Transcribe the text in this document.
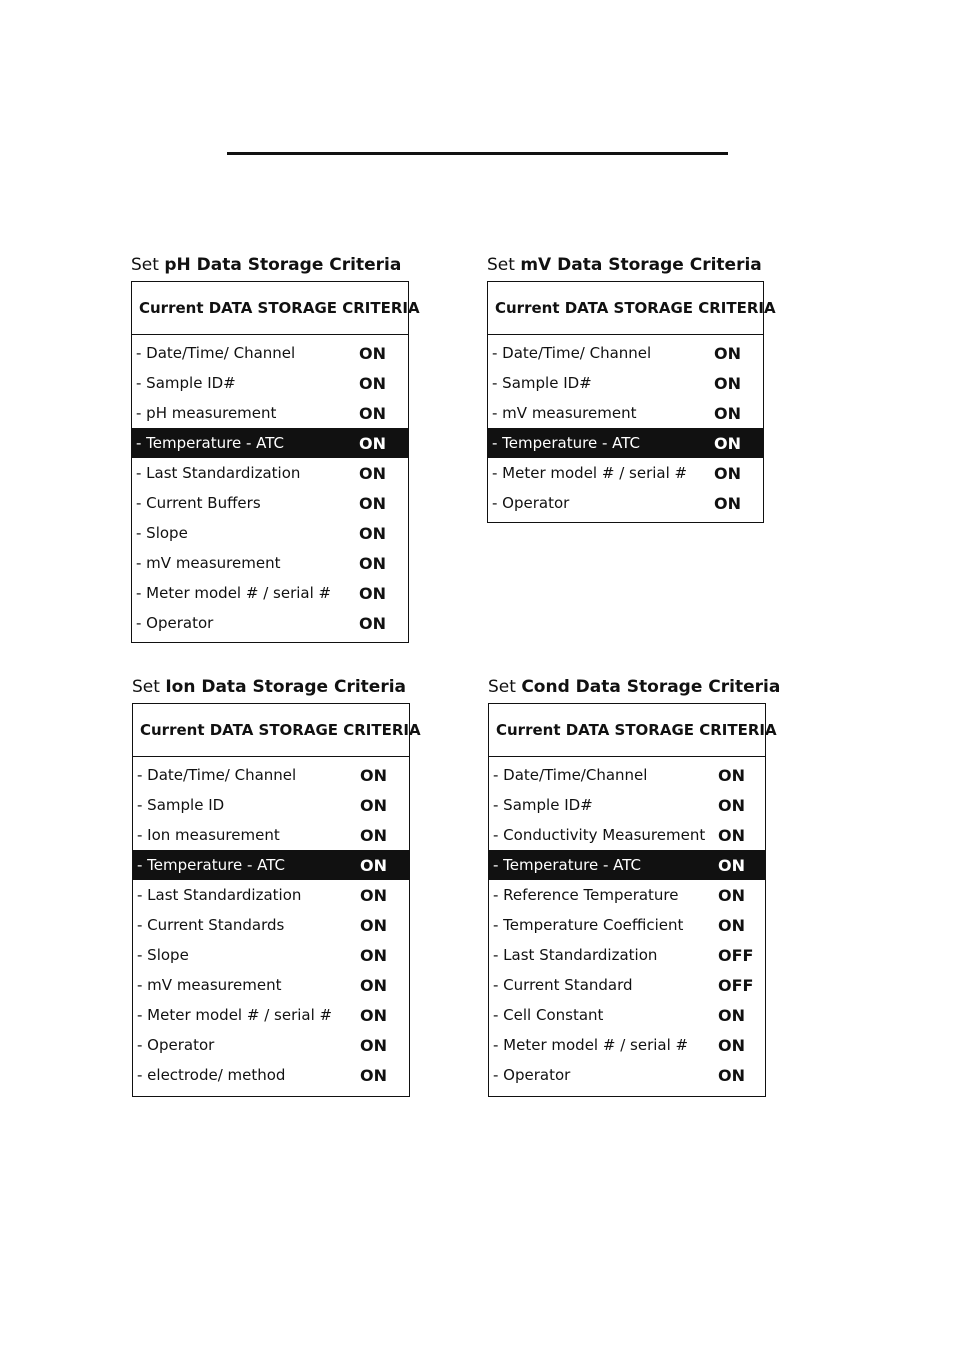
Set pH Data Storage Criteria
Current DATA STORAGE CRITERIA
- Date/Time/ Channel	ON
- Sample ID#	ON
- pH measurement	ON
- Temperature - ATC	ON
- Last Standardization	ON
- Current Buffers	ON
- Slope	ON
- mV measurement	ON
- Meter model # / serial # ON
- Operator	ON
Set mV Data Storage Criteria
Current DATA STORAGE CRITERIA
- Date/Time/ Channel	ON
- Sample ID#	ON
- mV measurement	ON
- Temperature - ATC	ON
- Meter model # / serial # ON
- Operator	ON
Set Ion Data Storage Criteria
Current DATA STORAGE CRITERIA
- Date/Time/ Channel	ON
- Sample ID	ON
- Ion measurement	ON
- Temperature - ATC	ON
- Last Standardization	ON
- Current Standards	ON
- Slope	ON
- mV measurement	ON
- Meter model # / serial # ON
- Operator	ON
- electrode/ method	ON
Set Cond Data Storage Criteria
Current DATA STORAGE CRITERIA
- Date/Time/Channel	ON
- Sample ID#	ON
- Conductivity Measurement ON
- Temperature - ATC	ON
- Reference Temperature ON
- Temperature Coefficient ON
- Last Standardization	OFF
- Current Standard	OFF
- Cell Constant	ON
- Meter model # / serial # ON
- Operator	ON
